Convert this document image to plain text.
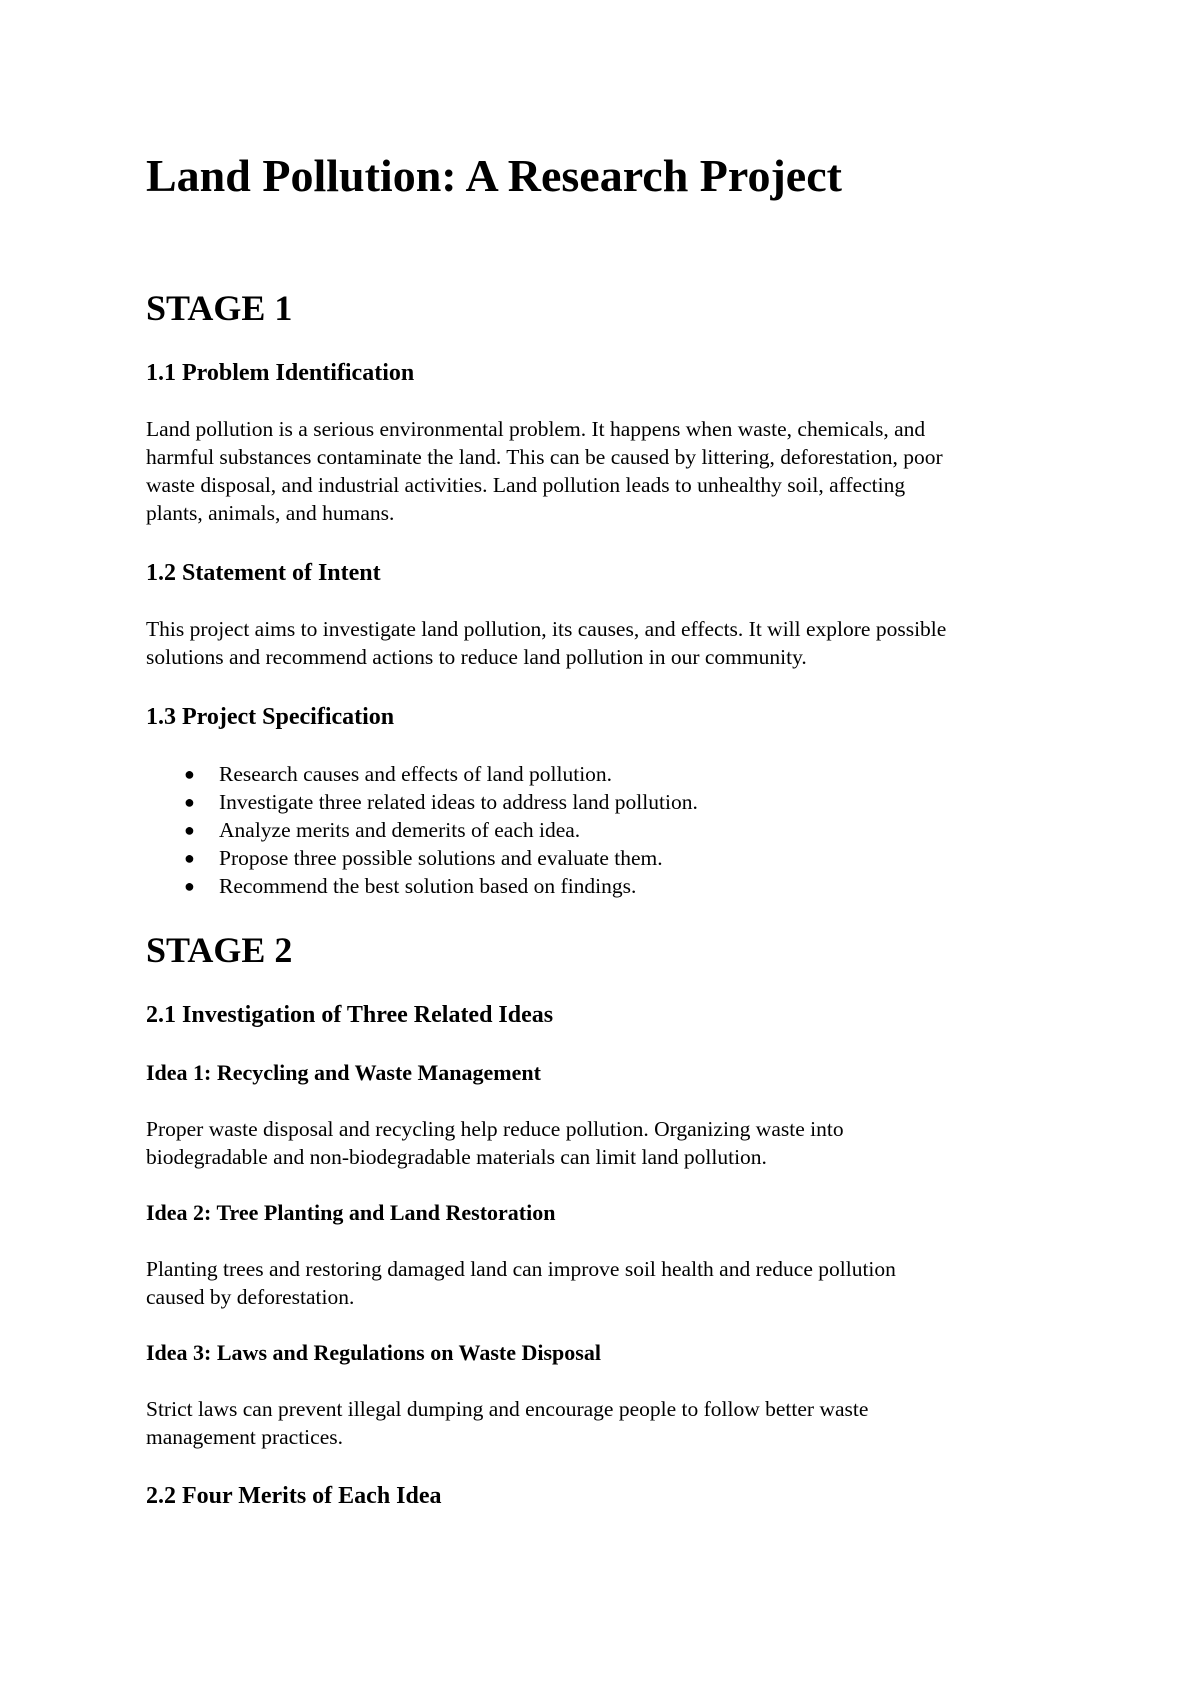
Land Pollution: A Research Project
STAGE 1
1.1 Problem Identification

Land pollution is a serious environmental problem. It happens when waste, chemicals, and
harmful substances contaminate the land. This can be caused by littering, deforestation, poor
waste disposal, and industrial activities. Land pollution leads to unhealthy soil, affecting
plants, animals, and humans.

1.2 Statement of Intent

This project aims to investigate land pollution, its causes, and effects. It will explore possible
solutions and recommend actions to reduce land pollution in our community.

1.3 Project Specification
● Research causes and effects of land pollution.
● Investigate three related ideas to address land pollution.
● Analyze merits and demerits of each idea.
● Propose three possible solutions and evaluate them.
● Recommend the best solution based on findings.
STAGE 2
2.1 Investigation of Three Related Ideas
Idea 1: Recycling and Waste Management

Proper waste disposal and recycling help reduce pollution. Organizing waste into
biodegradable and non-biodegradable materials can limit land pollution.

Idea 2: Tree Planting and Land Restoration

Planting trees and restoring damaged land can improve soil health and reduce pollution
caused by deforestation.

Idea 3: Laws and Regulations on Waste Disposal

Strict laws can prevent illegal dumping and encourage people to follow better waste
management practices.

2.2 Four Merits of Each Idea
